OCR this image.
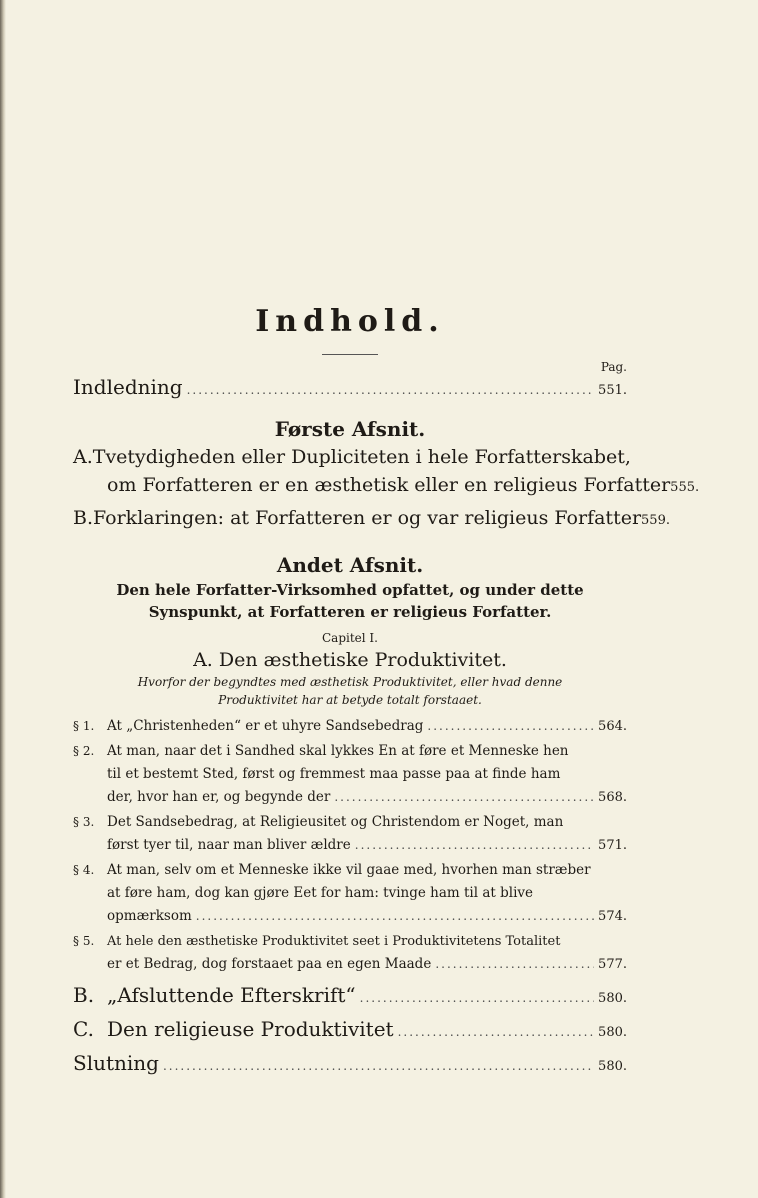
Indhold.
Pag.
Indledning .....	551.
Første Afsnit.
A. Tvetydigheden eller Dupliciteten i hele Forfatterskabet,
om Forfatteren er en æsthetisk eller en religieus Forfatter 555.
B. Forklaringen: at Forfatteren er og var religieus Forfatter 559.
Andet Afsnit.
Den hele Forfatter-Virksomhed opfattet, og under dette
Synspunkt, at Forfatteren er religieus Forfatter.
Capitel I.
A. Den æsthetiske Produktivitet.
Hvorfor der begyndtes med æsthetisk Produktivitet, eller hvad denne
Produktivitet har at betyde totalt forstaaet.
§ 1. At „Christenheden“ er et uhyre Sandsebedrag .....	564.
§ 2. At man, naar det i Sandhed skal lykkes En at føre et Menneske hen
til et bestemt Sted, først og fremmest maa passe paa at finde ham
der, hvor han er, og begynde der .....	568.
§ 3. Det Sandsebedrag, at Religieusitet og Christendom er Noget, man
først tyer til, naar man bliver ældre .....	571.
§ 4. At man, selv om et Menneske ikke vil gaae med, hvorhen man stræber
at føre ham, dog kan gjøre Eet for ham: tvinge ham til at blive
opmærksom .....	574.
§ 5. At hele den æsthetiske Produktivitet seet i Produktivitetens Totalitet
er et Bedrag, dog forstaaet paa en egen Maade .....	577.
B. „Afsluttende Efterskrift“ .....	580.
C. Den religieuse Produktivitet .....	580.
Slutning .....	580.
